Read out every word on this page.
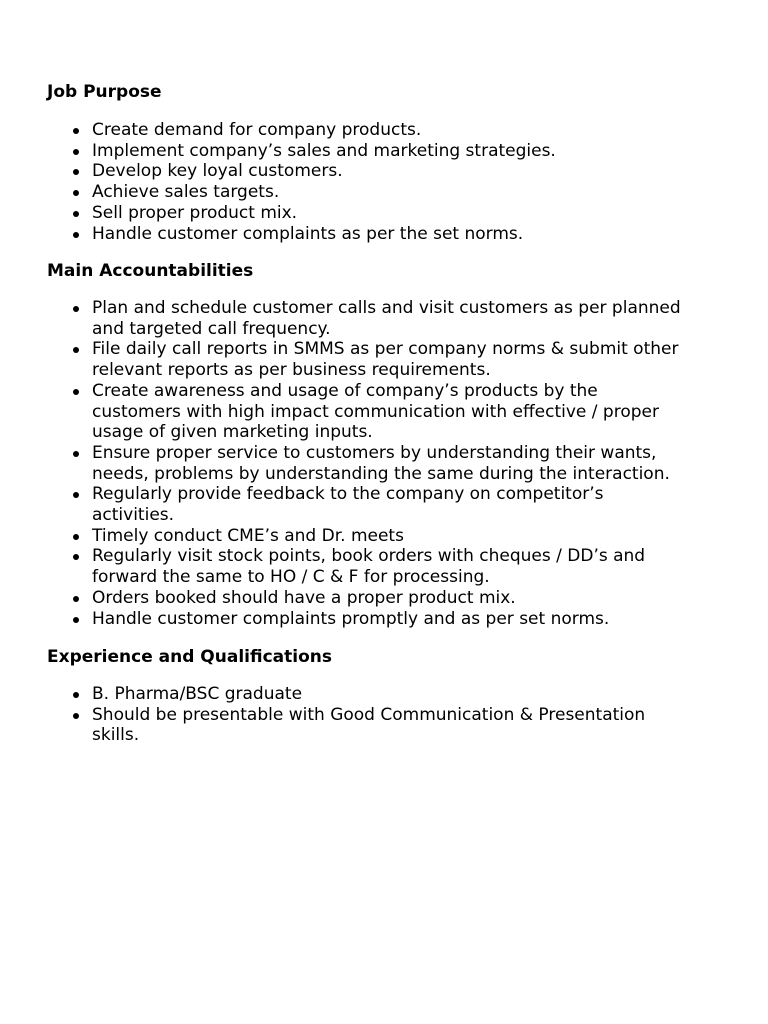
Job Purpose
Create demand for company products.
Implement company’s sales and marketing strategies.
Develop key loyal customers.
Achieve sales targets.
Sell proper product mix.
Handle customer complaints as per the set norms.
Main Accountabilities
Plan and schedule customer calls and visit customers as per planned
and targeted call frequency.
File daily call reports in SMMS as per company norms & submit other
relevant reports as per business requirements.
Create awareness and usage of company’s products by the
customers with high impact communication with effective / proper
usage of given marketing inputs.
Ensure proper service to customers by understanding their wants,
needs, problems by understanding the same during the interaction.
Regularly provide feedback to the company on competitor’s
activities.
Timely conduct CME’s and Dr. meets
Regularly visit stock points, book orders with cheques / DD’s and
forward the same to HO / C & F for processing.
Orders booked should have a proper product mix.
Handle customer complaints promptly and as per set norms.
Experience and Qualifications
B. Pharma/BSC graduate
Should be presentable with Good Communication & Presentation
skills.
